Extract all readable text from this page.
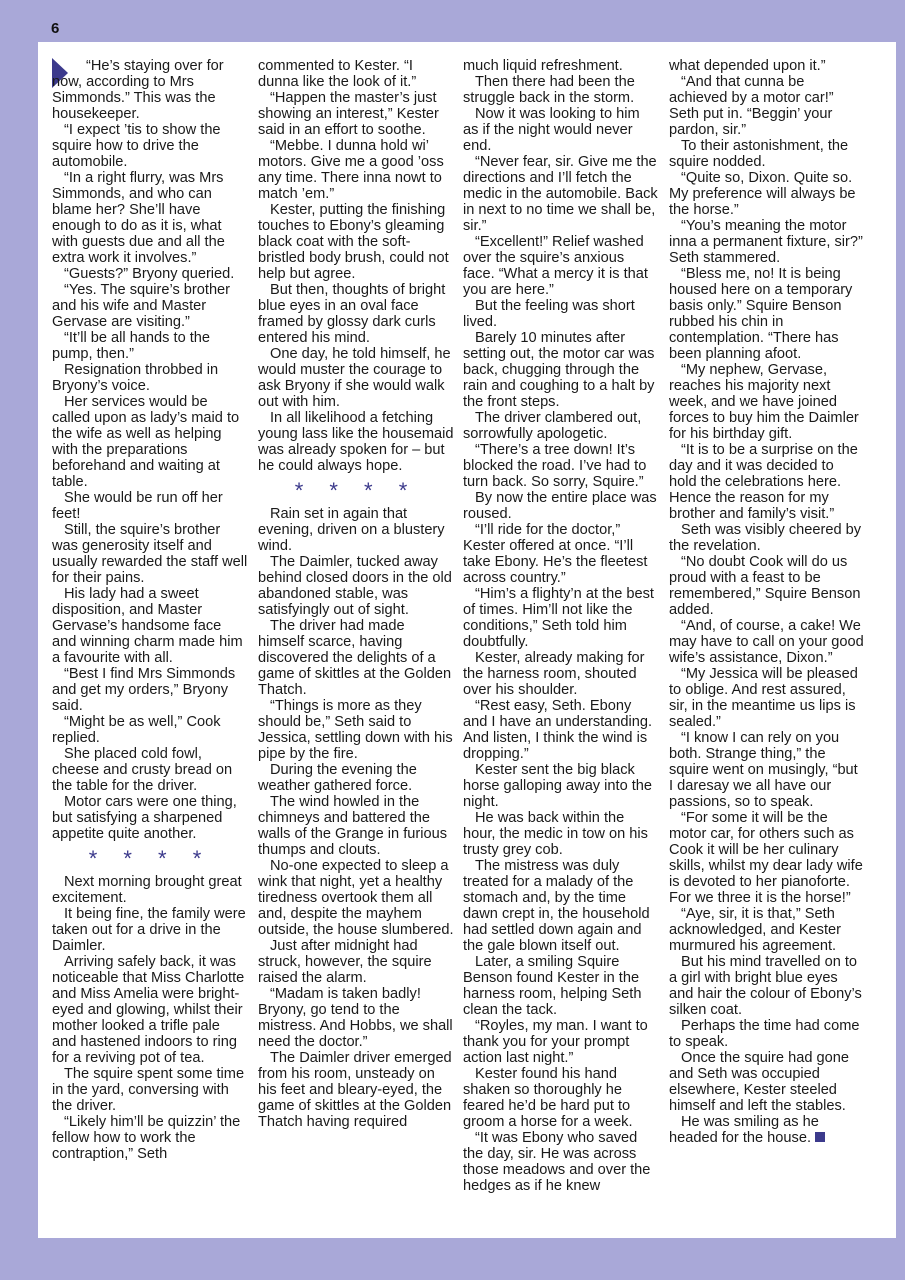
6

“He’s staying over for now, according to Mrs Simmonds.” This was the housekeeper.

“I expect ’tis to show the squire how to drive the automobile.

“In a right flurry, was Mrs Simmonds, and who can blame her? She’ll have enough to do as it is, what with guests due and all the extra work it involves.”

“Guests?” Bryony queried.

“Yes. The squire’s brother and his wife and Master Gervase are visiting.”

“It’ll be all hands to the pump, then.”

Resignation throbbed in Bryony’s voice.

Her services would be called upon as lady’s maid to the wife as well as helping with the preparations beforehand and waiting at table.

She would be run off her feet!

Still, the squire’s brother was generosity itself and usually rewarded the staff well for their pains.

His lady had a sweet disposition, and Master Gervase’s handsome face and winning charm made him a favourite with all.

“Best I find Mrs Simmonds and get my orders,” Bryony said.

“Might be as well,” Cook replied.

She placed cold fowl, cheese and crusty bread on the table for the driver.

Motor cars were one thing, but satisfying a sharpened appetite quite another.

* * * *

Next morning brought great excitement.

It being fine, the family were taken out for a drive in the Daimler.

Arriving safely back, it was noticeable that Miss Charlotte and Miss Amelia were bright-eyed and glowing, whilst their mother looked a trifle pale and hastened indoors to ring for a reviving pot of tea.

The squire spent some time in the yard, conversing with the driver.

“Likely him’ll be quizzin’ the fellow how to work the contraption,” Seth

commented to Kester. “I dunna like the look of it.”

“Happen the master’s just showing an interest,” Kester said in an effort to soothe.

“Mebbe. I dunna hold wi’ motors. Give me a good ’oss any time. There inna nowt to match ’em.”

Kester, putting the finishing touches to Ebony’s gleaming black coat with the soft-bristled body brush, could not help but agree.

But then, thoughts of bright blue eyes in an oval face framed by glossy dark curls entered his mind.

One day, he told himself, he would muster the courage to ask Bryony if she would walk out with him.

In all likelihood a fetching young lass like the housemaid was already spoken for – but he could always hope.

* * * *

Rain set in again that evening, driven on a blustery wind.

The Daimler, tucked away behind closed doors in the old abandoned stable, was satisfyingly out of sight.

The driver had made himself scarce, having discovered the delights of a game of skittles at the Golden Thatch.

“Things is more as they should be,” Seth said to Jessica, settling down with his pipe by the fire.

During the evening the weather gathered force.

The wind howled in the chimneys and battered the walls of the Grange in furious thumps and clouts.

No-one expected to sleep a wink that night, yet a healthy tiredness overtook them all and, despite the mayhem outside, the house slumbered.

Just after midnight had struck, however, the squire raised the alarm.

“Madam is taken badly! Bryony, go tend to the mistress. And Hobbs, we shall need the doctor.”

The Daimler driver emerged from his room, unsteady on his feet and bleary-eyed, the game of skittles at the Golden Thatch having required

much liquid refreshment.

Then there had been the struggle back in the storm.

Now it was looking to him as if the night would never end.

“Never fear, sir. Give me the directions and I’ll fetch the medic in the automobile. Back in next to no time we shall be, sir.”

“Excellent!” Relief washed over the squire’s anxious face. “What a mercy it is that you are here.”

But the feeling was short lived.

Barely 10 minutes after setting out, the motor car was back, chugging through the rain and coughing to a halt by the front steps.

The driver clambered out, sorrowfully apologetic.

“There’s a tree down! It’s blocked the road. I’ve had to turn back. So sorry, Squire.”

By now the entire place was roused.

“I’ll ride for the doctor,” Kester offered at once. “I’ll take Ebony. He’s the fleetest across country.”

“Him’s a flighty’n at the best of times. Him’ll not like the conditions,” Seth told him doubtfully.

Kester, already making for the harness room, shouted over his shoulder.

“Rest easy, Seth. Ebony and I have an understanding. And listen, I think the wind is dropping.”

Kester sent the big black horse galloping away into the night.

He was back within the hour, the medic in tow on his trusty grey cob.

The mistress was duly treated for a malady of the stomach and, by the time dawn crept in, the household had settled down again and the gale blown itself out.

Later, a smiling Squire Benson found Kester in the harness room, helping Seth clean the tack.

“Royles, my man. I want to thank you for your prompt action last night.”

Kester found his hand shaken so thoroughly he feared he’d be hard put to groom a horse for a week.

“It was Ebony who saved the day, sir. He was across those meadows and over the hedges as if he knew

what depended upon it.”

“And that cunna be achieved by a motor car!” Seth put in. “Beggin’ your pardon, sir.”

To their astonishment, the squire nodded.

“Quite so, Dixon. Quite so. My preference will always be the horse.”

“You’s meaning the motor inna a permanent fixture, sir?” Seth stammered.

“Bless me, no! It is being housed here on a temporary basis only.” Squire Benson rubbed his chin in contemplation. “There has been planning afoot.

“My nephew, Gervase, reaches his majority next week, and we have joined forces to buy him the Daimler for his birthday gift.

“It is to be a surprise on the day and it was decided to hold the celebrations here. Hence the reason for my brother and family’s visit.”

Seth was visibly cheered by the revelation.

“No doubt Cook will do us proud with a feast to be remembered,” Squire Benson added.

“And, of course, a cake! We may have to call on your good wife’s assistance, Dixon.”

“My Jessica will be pleased to oblige. And rest assured, sir, in the meantime us lips is sealed.”

“I know I can rely on you both. Strange thing,” the squire went on musingly, “but I daresay we all have our passions, so to speak.

“For some it will be the motor car, for others such as Cook it will be her culinary skills, whilst my dear lady wife is devoted to her pianoforte. For we three it is the horse!”

“Aye, sir, it is that,” Seth acknowledged, and Kester murmured his agreement.

But his mind travelled on to a girl with bright blue eyes and hair the colour of Ebony’s silken coat.

Perhaps the time had come to speak.

Once the squire had gone and Seth was occupied elsewhere, Kester steeled himself and left the stables.

He was smiling as he headed for the house.
